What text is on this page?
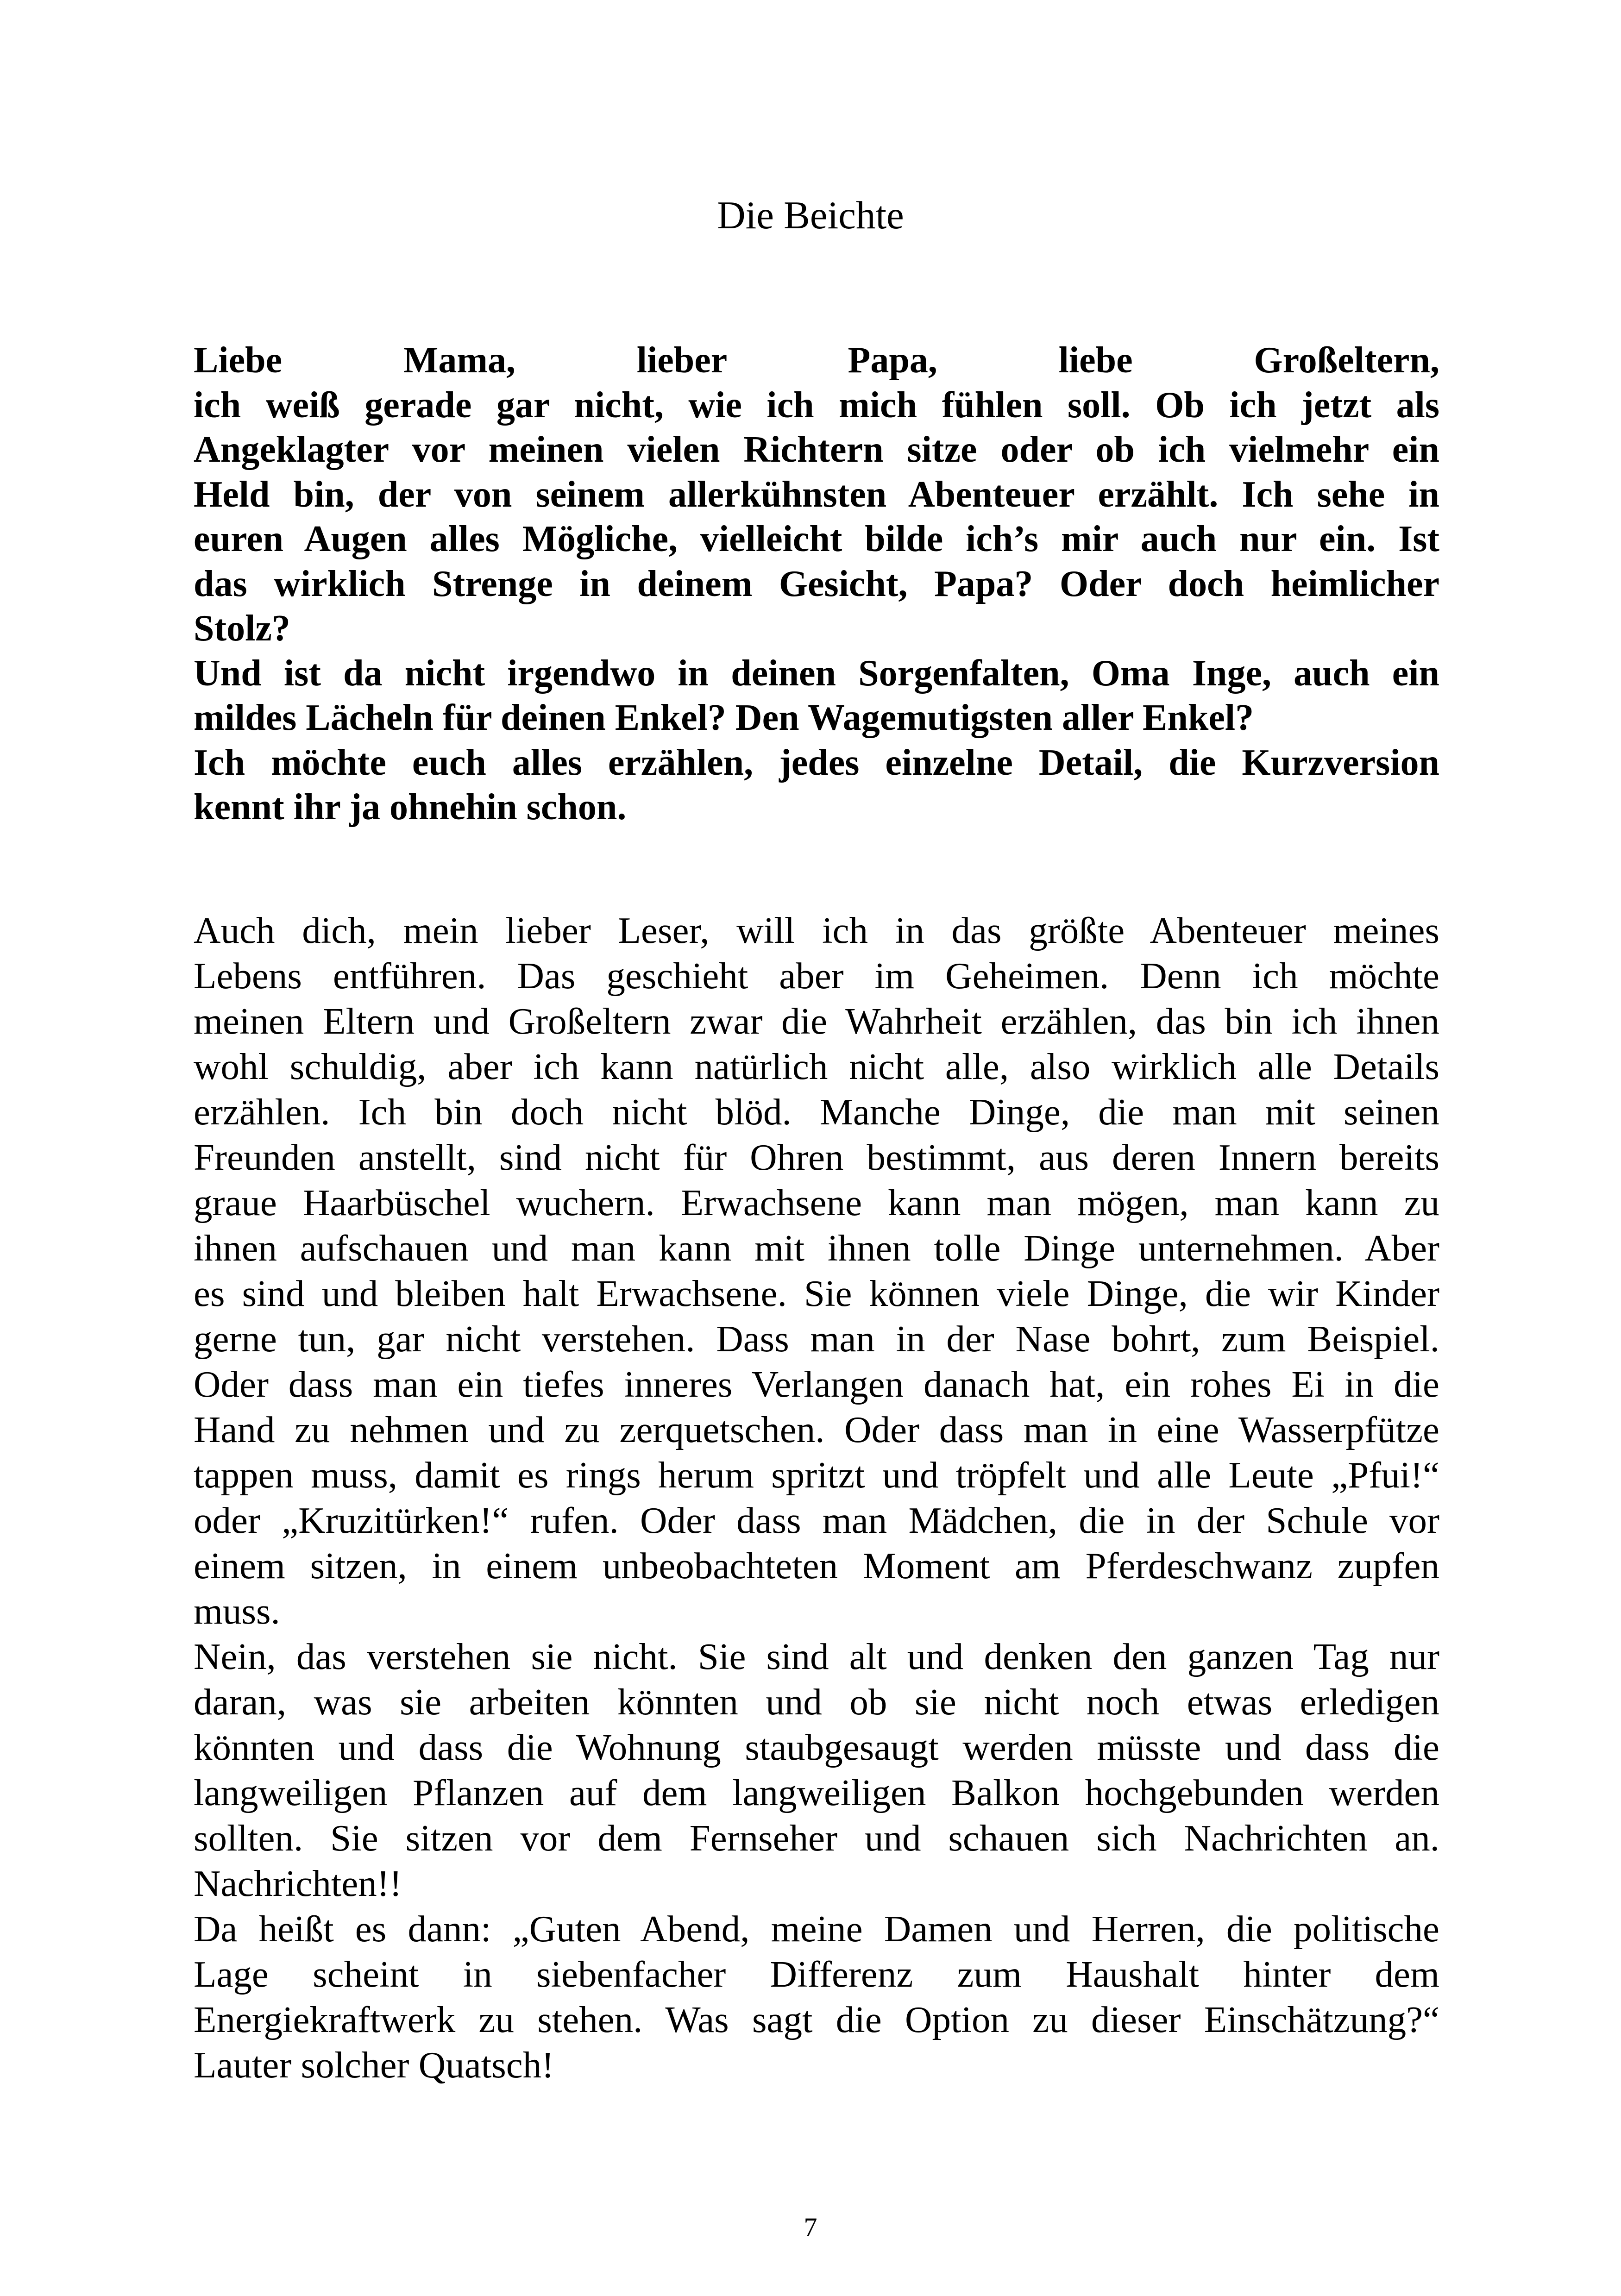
Die Beichte
Liebe Mama, lieber Papa, liebe Großeltern,
ich weiß gerade gar nicht, wie ich mich fühlen soll. Ob ich jetzt als
Angeklagter vor meinen vielen Richtern sitze oder ob ich vielmehr ein
Held bin, der von seinem allerkühnsten Abenteuer erzählt. Ich sehe in
euren Augen alles Mögliche, vielleicht bilde ich’s mir auch nur ein. Ist
das wirklich Strenge in deinem Gesicht, Papa? Oder doch heimlicher
Stolz?
Und ist da nicht irgendwo in deinen Sorgenfalten, Oma Inge, auch ein
mildes Lächeln für deinen Enkel? Den Wagemutigsten aller Enkel?
Ich möchte euch alles erzählen, jedes einzelne Detail, die Kurzversion
kennt ihr ja ohnehin schon.
Auch dich, mein lieber Leser, will ich in das größte Abenteuer meines
Lebens entführen. Das geschieht aber im Geheimen. Denn ich möchte
meinen Eltern und Großeltern zwar die Wahrheit erzählen, das bin ich ihnen
wohl schuldig, aber ich kann natürlich nicht alle, also wirklich alle Details
erzählen. Ich bin doch nicht blöd. Manche Dinge, die man mit seinen
Freunden anstellt, sind nicht für Ohren bestimmt, aus deren Innern bereits
graue Haarbüschel wuchern. Erwachsene kann man mögen, man kann zu
ihnen aufschauen und man kann mit ihnen tolle Dinge unternehmen. Aber
es sind und bleiben halt Erwachsene. Sie können viele Dinge, die wir Kinder
gerne tun, gar nicht verstehen. Dass man in der Nase bohrt, zum Beispiel.
Oder dass man ein tiefes inneres Verlangen danach hat, ein rohes Ei in die
Hand zu nehmen und zu zerquetschen. Oder dass man in eine Wasserpfütze
tappen muss, damit es rings herum spritzt und tröpfelt und alle Leute „Pfui!“
oder „Kruzitürken!“ rufen. Oder dass man Mädchen, die in der Schule vor
einem sitzen, in einem unbeobachteten Moment am Pferdeschwanz zupfen
muss.
Nein, das verstehen sie nicht. Sie sind alt und denken den ganzen Tag nur
daran, was sie arbeiten könnten und ob sie nicht noch etwas erledigen
könnten und dass die Wohnung staubgesaugt werden müsste und dass die
langweiligen Pflanzen auf dem langweiligen Balkon hochgebunden werden
sollten. Sie sitzen vor dem Fernseher und schauen sich Nachrichten an.
Nachrichten!!
Da heißt es dann: „Guten Abend, meine Damen und Herren, die politische
Lage scheint in siebenfacher Differenz zum Haushalt hinter dem
Energiekraftwerk zu stehen. Was sagt die Option zu dieser Einschätzung?“
Lauter solcher Quatsch!
7
